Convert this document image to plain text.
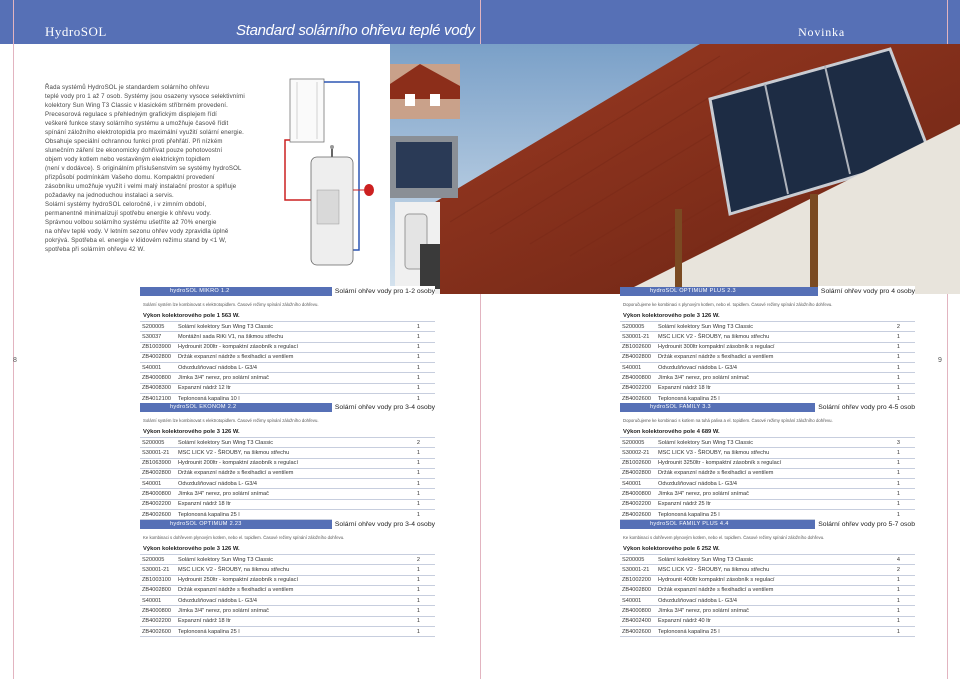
HydroSOL	Standard solárního ohřevu teplé vody	Novinka

Řada systémů HydroSOL je standardem solárního ohřevu

teplé vody pro 1 až 7 osob. Systémy jsou osazeny vysoce selektivními

kolektory Sun Wing T3 Classic v klasickém stříbrném provedení.

Precesorová regulace s přehledným grafickým displejem řídí

veškeré funkce stavy solárního systému a umožňuje časově řídit

spínání záložního elektrotopidla pro maximální využití solární energie.

Obsahuje speciální ochrannou funkci proti přehřátí. Při nízkém

slunečním záření lze ekonomicky dohřívat pouze pohotovostní

objem vody kotlem nebo vestavěným elektrickým topidlem

(není v dodávce). S originálním příslušenstvím se systémy hydroSOL

přizpůsobí podmínkám Vašeho domu. Kompaktní provedení

zásobníku umožňuje využít i velmi malý instalační prostor a splňuje

požadavky na jednoduchou instalaci a servis.

Solární systémy hydroSOL celoročně, i v zimním období,

permanentně minimalizují spotřebu energie k ohřevu vody.

Správnou volbou solárního systému ušetříte až 70% energie

na ohřev teplé vody. V letním sezonu ohřev vody zpravidla úplně

pokrývá. Spotřeba el. energie v klidovém režimu stand by <1 W,

spotřeba při solárním ohřevu 42 W.

8	9
hydroSOL MIKRO 1.2	Solární ohřev vody pro 1-2 osoby
Solární systém lze kombinovat s elektrotopidlem. Časové režimy spínání záložního dohřevu.
Výkon kolektorového pole 1 563 W.
S200005	Solární kolektory Sun Wing T3 Classic	1
S30037	Montážní sada RiKi V1, na šikmou střechu	1
ZB1003900	Hydrounit 200ltr - kompaktní zásobník s regulací	1
ZB4002800	Držák expanzní nádrže s flexihadicí a ventilem	1
S40001	Odvzdušňovací nádoba L- G3/4	1
ZB4000800	Jímka 3/4" nerez, pro solární snímač	1
ZB4008300	Expanzní nádrž 12 ltr	1
ZB4012100	Teplonosná kapalina 10 l	1
hydroSOL EKONOM 2.2	Solární ohřev vody pro 3-4 osoby
Solární systém lze kombinovat s elektrotopidlem. Časové režimy spínání záložního dohřevu.
Výkon kolektorového pole 3 126 W.
S200005	Solární kolektory Sun Wing T3 Classic	2
S30001-21	MSC LICK V2 - ŠROUBY, na šikmou střechu	1
ZB1063900	Hydrounit 200ltr - kompaktní zásobník s regulací	1
ZB4002800	Držák expanzní nádrže s flexihadicí a ventilem	1
S40001	Odvzdušňovací nádoba L- G3/4	1
ZB4000800	Jímka 3/4" nerez, pro solární snímač	1
ZB4002200	Expanzní nádrž 18 ltr	1
ZB4002600	Teplonosná kapalina 25 l	1
hydroSOL OPTIMUM 2.23	Solární ohřev vody pro 3-4 osoby
Ke kombinaci s dohřevem plynovým kotlem, nebo el. topidlem. Časové režimy spínání záložního dohřevu.
Výkon kolektorového pole 3 126 W.
S200005	Solární kolektory Sun Wing T3 Classic	2
S30001-21	MSC LICK V2 - ŠROUBY, na šikmou střechu	1
ZB1003100	Hydrounit 250ltr - kompaktní zásobník s regulací	1
ZB4002800	Držák expanzní nádrže s flexihadicí a ventilem	1
S40001	Odvzdušňovací nádoba L- G3/4	1
ZB4000800	Jímka 3/4" nerez, pro solární snímač	1
ZB4002200	Expanzní nádrž 18 ltr	1
ZB4002600	Teplonosná kapalina 25 l	1
hydroSOL OPTIMUM PLUS 2.3	Solární ohřev vody pro 4 osoby
Doporučujeme ke kombinaci s plynovým kotlem, nebo el. topidlem. Časové režimy spínání záložního dohřevu.
Výkon kolektorového pole 3 126 W.
S200005	Solární kolektory Sun Wing T3 Classic	2
S30001-21	MSC LICK V2 - ŠROUBY, na šikmou střechu	1
ZB1002600	Hydrounit 300ltr kompaktní zásobník s regulací	1
ZB4002800	Držák expanzní nádrže s flexihadicí a ventilem	1
S40001	Odvzdušňovací nádoba L- G3/4	1
ZB4000800	Jímka 3/4" nerez, pro solární snímač	1
ZB4002200	Expanzní nádrž 18 ltr	1
ZB4002600	Teplonosná kapalina 25 l	1
hydroSOL FAMILY 3.3	Solární ohřev vody pro 4-5 osob
Doporučujeme ke kombinaci s kotlem na tuhá paliva a el. topidlem. Časové režimy spínání záložního dohřevu.
Výkon kolektorového pole 4 689 W.
S200005	Solární kolektory Sun Wing T3 Classic	3
S30002-21	MSC LICK V3 - ŠROUBY, na šikmou střechu	1
ZB1002600	Hydrounit 3250ltr - kompaktní zásobník s regulací	1
ZB4002800	Držák expanzní nádrže s flexihadicí a ventilem	1
S40001	Odvzdušňovací nádoba L- G3/4	1
ZB4000800	Jímka 3/4" nerez, pro solární snímač	1
ZB4002200	Expanzní nádrž 25 ltr	1
ZB4002600	Teplonosná kapalina 25 l	1
hydroSOL FAMILY PLUS 4.4	Solární ohřev vody pro 5-7 osob
Ke kombinaci s dohřevem plynovým kotlem, nebo el. topidlem. Časové režimy spínání záložního dohřevu.
Výkon kolektorového pole 6 252 W.
S200005	Solární kolektory Sun Wing T3 Classic	4
S30001-21	MSC LICK V2 - ŠROUBY, na šikmou střechu	2
ZB1002200	Hydrounit 400ltr kompaktní zásobník s regulací	1
ZB4002800	Držák expanzní nádrže s flexihadicí a ventilem	1
S40001	Odvzdušňovací nádoba L- G3/4	1
ZB4000800	Jímka 3/4" nerez, pro solární snímač	1
ZB4002400	Expanzní nádrž 40 ltr	1
ZB4002600	Teplonosná kapalina 25 l	1
